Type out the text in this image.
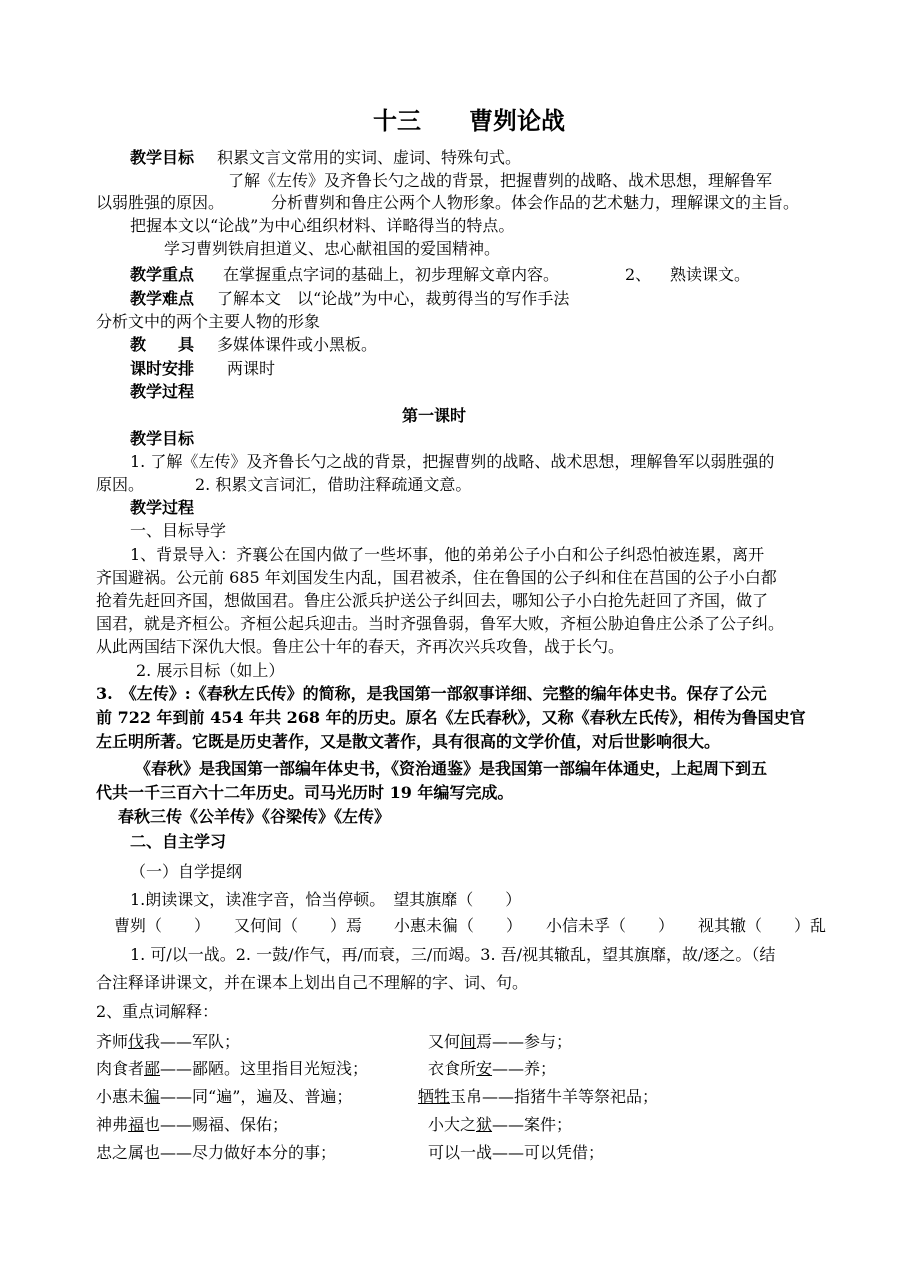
十三　　曹刿论战
教学目标 积累文言文常用的实词、虚词、特殊句式。
了解《左传》及齐鲁长勺之战的背景，把握曹刿的战略、战术思想，理解鲁军
以弱胜强的原因。	分析曹刿和鲁庄公两个人物形象。体会作品的艺术魅力，理解课文的主旨。
把握本文以“论战”为中心组织材料、详略得当的特点。
学习曹刿铁肩担道义、忠心献祖国的爱国精神。
教学重点 在掌握重点字词的基础上，初步理解文章内容。	2、 熟读课文。
教学难点 了解本文　以“论战”为中心，裁剪得当的写作手法
分析文中的两个主要人物的形象
教　　具 多媒体课件或小黑板。
课时安排 两课时
教学过程
第一课时
教学目标
1. 了解《左传》及齐鲁长勺之战的背景，把握曹刿的战略、战术思想，理解鲁军以弱胜强的
原因。	2. 积累文言词汇，借助注释疏通文意。
教学过程
一、目标导学
1、背景导入：齐襄公在国内做了一些坏事，他的弟弟公子小白和公子纠恐怕被连累，离开
齐国避祸。公元前 685 年刘国发生内乱，国君被杀，住在鲁国的公子纠和住在莒国的公子小白都
抢着先赶回齐国，想做国君。鲁庄公派兵护送公子纠回去，哪知公子小白抢先赶回了齐国，做了
国君，就是齐桓公。齐桓公起兵迎击。当时齐强鲁弱，鲁军大败，齐桓公胁迫鲁庄公杀了公子纠。
从此两国结下深仇大恨。鲁庄公十年的春天，齐再次兴兵攻鲁，战于长勺。
2. 展示目标（如上）
3.　《左传》:《春秋左氏传》的简称，是我国第一部叙事详细、完整的编年体史书。保存了公元
前 722 年到前 454 年共 268 年的历史。原名《左氏春秋》，又称《春秋左氏传》，相传为鲁国史官
左丘明所著。它既是历史著作，又是散文著作，具有很高的文学价值，对后世影响很大。
《春秋》是我国第一部编年体史书，《资治通鉴》是我国第一部编年体通史，上起周下到五
代共一千三百六十二年历史。司马光历时 19 年编写完成。
春秋三传《公羊传》《谷梁传》《左传》
二、自主学习
（一）自学提纲
1.朗读课文，读准字音，恰当停顿。　望其旗靡（　　）
曹刿（　　）　　又何间（　　）焉　　小惠未徧（　　）　　小信未孚（　　）　　视其辙（　　）乱
1. 可/以一战。2. 一鼓/作气，再/而衰，三/而竭。3. 吾/视其辙乱，望其旗靡，故/逐之。（结
合注释译讲课文，并在课本上划出自己不理解的字、词、句。
2、重点词解释：
齐师伐我——军队；	又何间焉——参与；
肉食者鄙——鄙陋。这里指目光短浅；	衣食所安——养；
小惠未徧——同“遍”，遍及、普遍；	牺牲玉帛——指猪牛羊等祭祀品；
神弗福也——赐福、保佑；	小大之狱——案件；
忠之属也——尽力做好本分的事；	可以一战——可以凭借；
